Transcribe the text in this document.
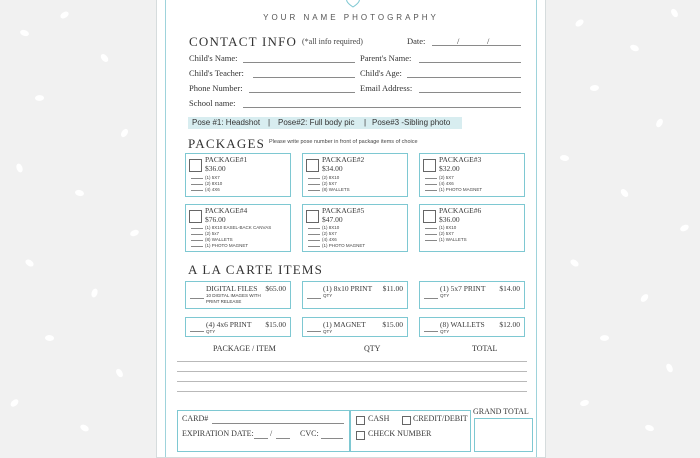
YOUR NAME PHOTOGRAPHY
CONTACT INFO (*all info required)	Date:	/	/
Child's Name:	Parent's Name:
Child's Teacher:	Child's Age:
Phone Number:	Email Address:
School name:
Pose #1: Headshot | Pose#2: Full body pic | Pose#3 -Sibling photo
PACKAGES Please write pose number in front of package items of choice
PACKAGE#1
$36.00
(1) 5X7
(2) 8X10
(4) 4X6
PACKAGE#2
$34.00
(2) 8X10
(2) 5X7
(8) WALLETS
PACKAGE#3
$32.00
(2) 5X7
(4) 4X6
(1) PHOTO MAGNET
PACKAGE#4
$76.00
(1) 8X10 EASEL-BACK CANVAS
(2) 5x7
(8) WALLETS
(1) PHOTO MAGNET
PACKAGE#5
$47.00
(1) 8X10
(2) 5X7
(4) 4X6
(1) PHOTO MAGNET
PACKAGE#6
$36.00
(1) 8X10
(2) 5X7
(1) WALLETS
A LA CARTE ITEMS
DIGITAL FILES $65.00
10 DIGITAL IMAGES WITH
PRINT RELEASE
(1) 8x10 PRINT $11.00
QTY
(1) 5x7 PRINT $14.00
QTY
(4) 4x6 PRINT $15.00
QTY
(1) MAGNET $15.00
QTY
(8) WALLETS $12.00
QTY
PACKAGE / ITEM	QTY	TOTAL
CARD#
EXPIRATION DATE: /	CVC:
CASH	CREDIT/DEBIT
CHECK NUMBER
GRAND TOTAL
